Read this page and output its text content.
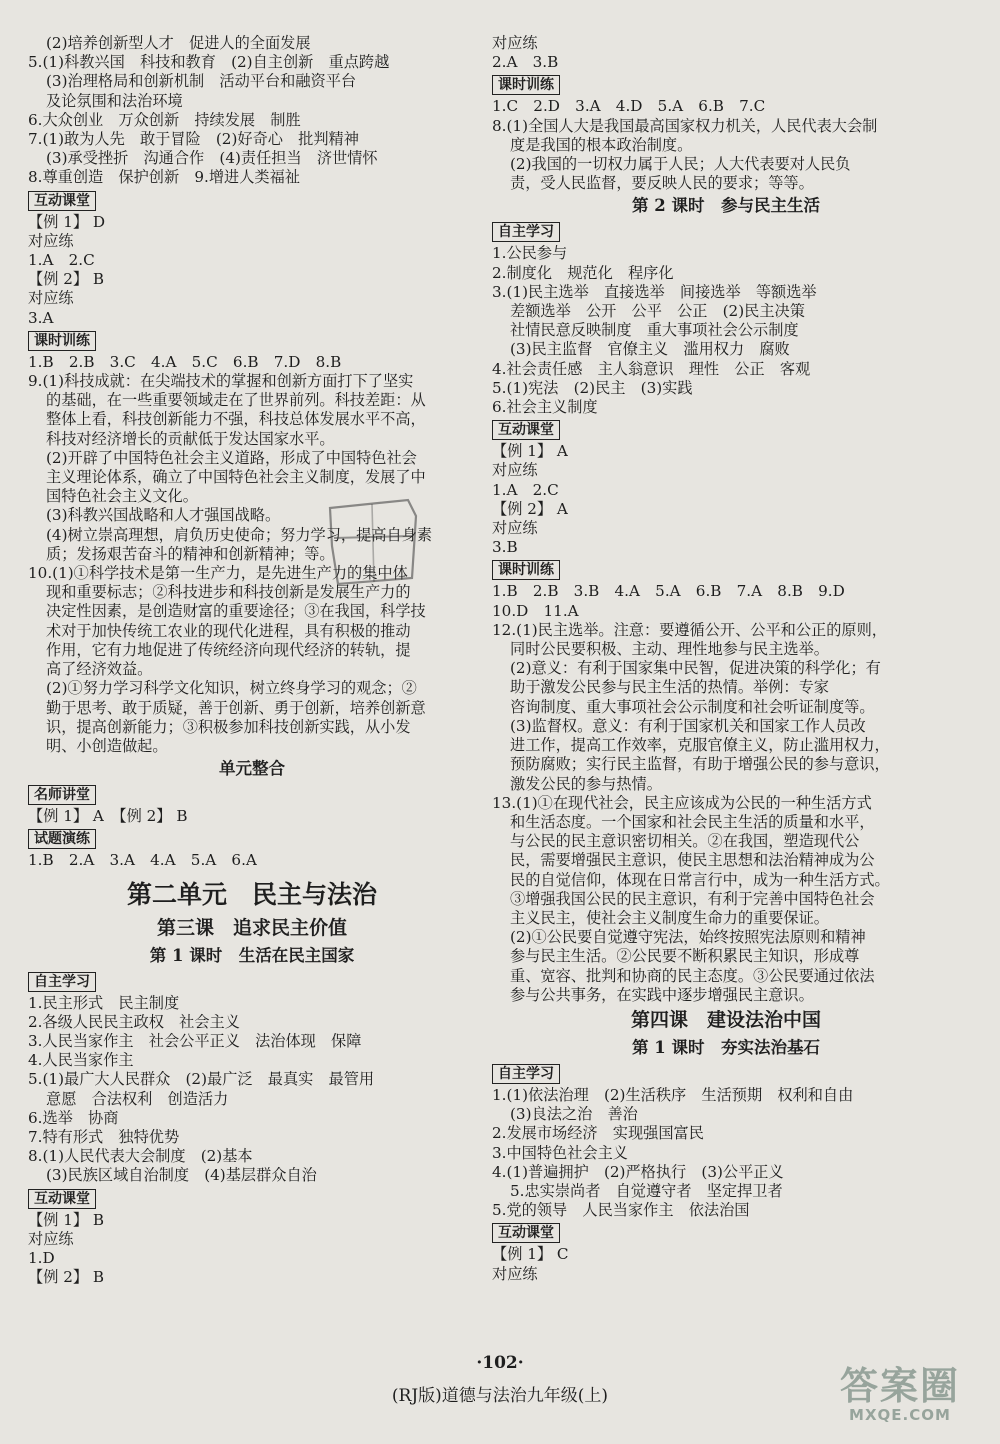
(2)培养创新型人才　促进人的全面发展
5.(1)科教兴国　科技和教育　(2)自主创新　重点跨越
(3)治理格局和创新机制　活动平台和融资平台
及论氛围和法治环境
6.大众创业　万众创新　持续发展　制胜
7.(1)敢为人先　敢于冒险　(2)好奇心　批判精神
(3)承受挫折　沟通合作　(4)责任担当　济世情怀
8.尊重创造　保护创新　9.增进人类福祉
互动课堂
【例 1】 D
对应练
1.A　2.C
【例 2】 B
对应练
3.A
课时训练
1.B　2.B　3.C　4.A　5.C　6.B　7.D　8.B
9.(1)科技成就：在尖端技术的掌握和创新方面打下了坚实
的基础，在一些重要领域走在了世界前列。科技差距：从
整体上看，科技创新能力不强，科技总体发展水平不高，
科技对经济增长的贡献低于发达国家水平。
(2)开辟了中国特色社会主义道路，形成了中国特色社会
主义理论体系，确立了中国特色社会主义制度，发展了中
国特色社会主义文化。
(3)科教兴国战略和人才强国战略。
(4)树立崇高理想，肩负历史使命；努力学习，提高自身素
质；发扬艰苦奋斗的精神和创新精神；等。
10.(1)①科学技术是第一生产力，是先进生产力的集中体
现和重要标志；②科技进步和科技创新是发展生产力的
决定性因素，是创造财富的重要途径；③在我国，科学技
术对于加快传统工农业的现代化进程，具有积极的推动
作用，它有力地促进了传统经济向现代经济的转轨，提
高了经济效益。
(2)①努力学习科学文化知识，树立终身学习的观念；②
勤于思考、敢于质疑，善于创新、勇于创新，培养创新意
识，提高创新能力；③积极参加科技创新实践，从小发
明、小创造做起。
单元整合
名师讲堂
【例 1】 A　【例 2】 B
试题演练
1.B　2.A　3.A　4.A　5.A　6.A
第二单元　民主与法治
第三课　追求民主价值
第 1 课时　生活在民主国家
自主学习
1.民主形式　民主制度
2.各级人民民主政权　社会主义
3.人民当家作主　社会公平正义　法治体现　保障
4.人民当家作主
5.(1)最广大人民群众　(2)最广泛　最真实　最管用
意愿　合法权利　创造活力
6.选举　协商
7.特有形式　独特优势
8.(1)人民代表大会制度　(2)基本
(3)民族区域自治制度　(4)基层群众自治
互动课堂
【例 1】 B
对应练
1.D
【例 2】 B
对应练
2.A　3.B
课时训练
1.C　2.D　3.A　4.D　5.A　6.B　7.C
8.(1)全国人大是我国最高国家权力机关，人民代表大会制
度是我国的根本政治制度。
(2)我国的一切权力属于人民；人大代表要对人民负
责，受人民监督，要反映人民的要求；等等。
第 2 课时　参与民主生活
自主学习
1.公民参与
2.制度化　规范化　程序化
3.(1)民主选举　直接选举　间接选举　等额选举
差额选举　公开　公平　公正　(2)民主决策
社情民意反映制度　重大事项社会公示制度
(3)民主监督　官僚主义　滥用权力　腐败
4.社会责任感　主人翁意识　理性　公正　客观
5.(1)宪法　(2)民主　(3)实践
6.社会主义制度
互动课堂
【例 1】 A
对应练
1.A　2.C
【例 2】 A
对应练
3.B
课时训练
1.B　2.B　3.B　4.A　5.A　6.B　7.A　8.B　9.D
10.D　11.A
12.(1)民主选举。注意：要遵循公开、公平和公正的原则，
同时公民要积极、主动、理性地参与民主选举。
(2)意义：有利于国家集中民智，促进决策的科学化；有
助于激发公民参与民主生活的热情。举例：专家
咨询制度、重大事项社会公示制度和社会听证制度等。
(3)监督权。意义：有利于国家机关和国家工作人员改
进工作，提高工作效率，克服官僚主义，防止滥用权力，
预防腐败；实行民主监督，有助于增强公民的参与意识，
激发公民的参与热情。
13.(1)①在现代社会，民主应该成为公民的一种生活方式
和生活态度。一个国家和社会民主生活的质量和水平，
与公民的民主意识密切相关。②在我国，塑造现代公
民，需要增强民主意识，使民主思想和法治精神成为公
民的自觉信仰，体现在日常言行中，成为一种生活方式。
③增强我国公民的民主意识，有利于完善中国特色社会
主义民主，使社会主义制度生命力的重要保证。
(2)①公民要自觉遵守宪法，始终按照宪法原则和精神
参与民主生活。②公民要不断积累民主知识，形成尊
重、宽容、批判和协商的民主态度。③公民要通过依法
参与公共事务，在实践中逐步增强民主意识。
第四课　建设法治中国
第 1 课时　夯实法治基石
自主学习
1.(1)依法治理　(2)生活秩序　生活预期　权利和自由
(3)良法之治　善治
2.发展市场经济　实现强国富民
3.中国特色社会主义
4.(1)普遍拥护　(2)严格执行　(3)公平正义
5.忠实崇尚者　自觉遵守者　坚定捍卫者
5.党的领导　人民当家作主　依法治国
互动课堂
【例 1】 C
对应练
·102·
(RJ版)道德与法治九年级(上)	答案圈
MXQE.COM
